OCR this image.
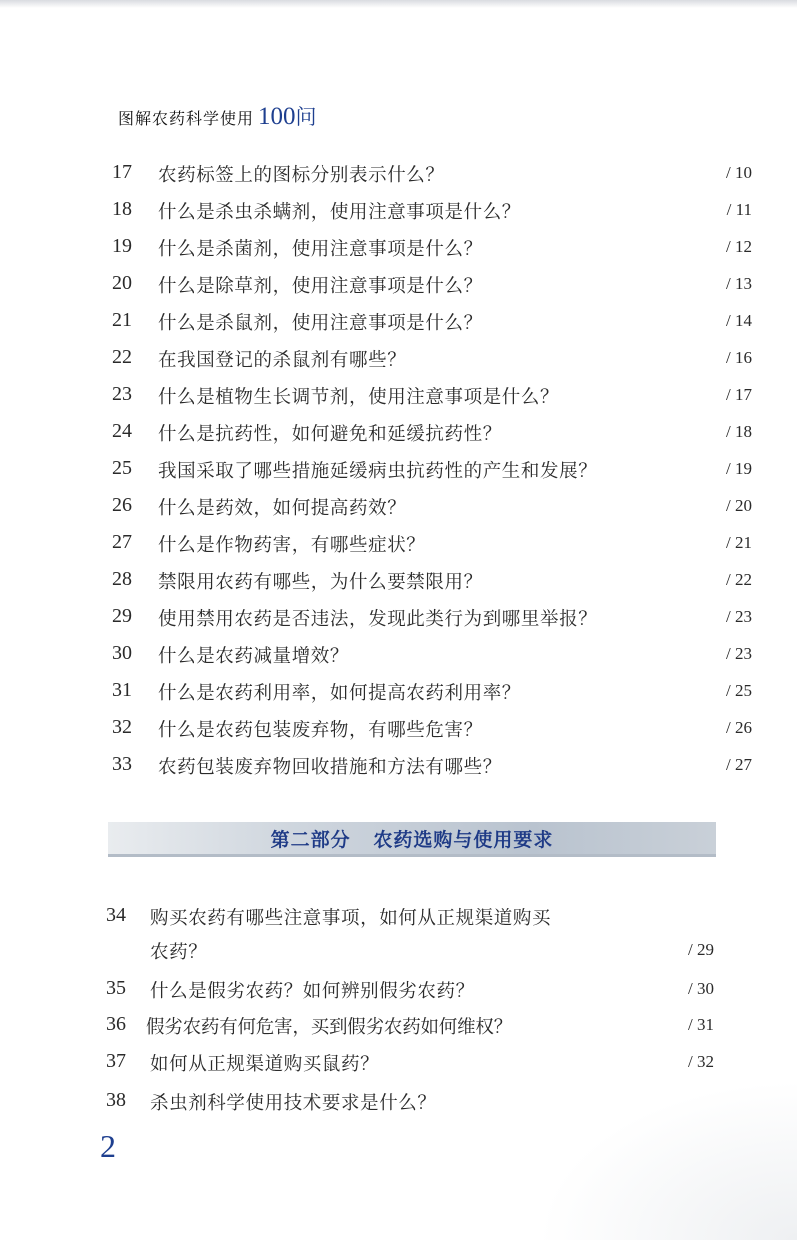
图解农药科学使用 100问
17 农药标签上的图标分别表示什么？	/ 10
18 什么是杀虫杀螨剂，使用注意事项是什么？	/ 11
19 什么是杀菌剂，使用注意事项是什么？	/ 12
20 什么是除草剂，使用注意事项是什么？	/ 13
21 什么是杀鼠剂，使用注意事项是什么？	/ 14
22 在我国登记的杀鼠剂有哪些？	/ 16
23 什么是植物生长调节剂，使用注意事项是什么？	/ 17
24 什么是抗药性，如何避免和延缓抗药性？	/ 18
25 我国采取了哪些措施延缓病虫抗药性的产生和发展？	/ 19
26 什么是药效，如何提高药效？	/ 20
27 什么是作物药害，有哪些症状？	/ 21
28 禁限用农药有哪些，为什么要禁限用？	/ 22
29 使用禁用农药是否违法，发现此类行为到哪里举报？	/ 23
30 什么是农药减量增效？	/ 23
31 什么是农药利用率，如何提高农药利用率？	/ 25
32 什么是农药包装废弃物，有哪些危害？	/ 26
33 农药包装废弃物回收措施和方法有哪些？	/ 27
第二部分   农药选购与使用要求
34 购买农药有哪些注意事项，如何从正规渠道购买
农药？	/ 29
35 什么是假劣农药？如何辨别假劣农药？	/ 30
36 假劣农药有何危害，买到假劣农药如何维权？	/ 31
37 如何从正规渠道购买鼠药？	/ 32
38 杀虫剂科学使用技术要求是什么？
2
